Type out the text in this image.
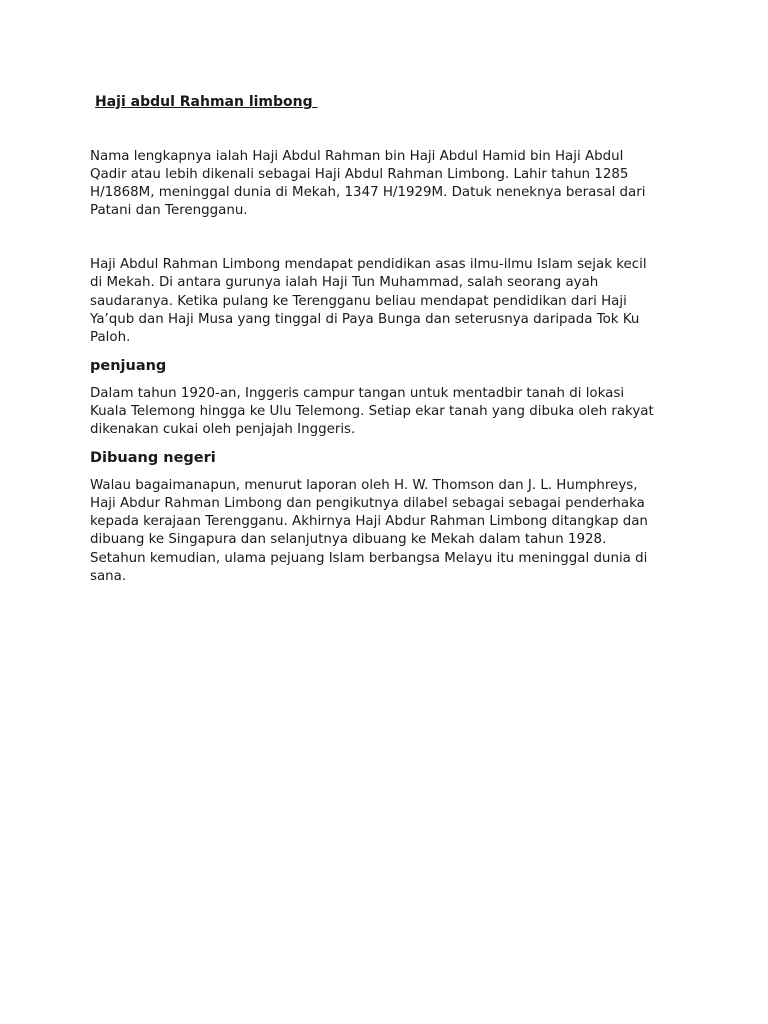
Haji abdul Rahman limbong

Nama lengkapnya ialah Haji Abdul Rahman bin Haji Abdul Hamid bin Haji Abdul
Qadir atau lebih dikenali sebagai Haji Abdul Rahman Limbong. Lahir tahun 1285
H/1868M, meninggal dunia di Mekah, 1347 H/1929M. Datuk neneknya berasal dari
Patani dan Terengganu.

Haji Abdul Rahman Limbong mendapat pendidikan asas ilmu-ilmu Islam sejak kecil
di Mekah. Di antara gurunya ialah Haji Tun Muhammad, salah seorang ayah
saudaranya. Ketika pulang ke Terengganu beliau mendapat pendidikan dari Haji
Ya’qub dan Haji Musa yang tinggal di Paya Bunga dan seterusnya daripada Tok Ku
Paloh.

penjuang

Dalam tahun 1920-an, Inggeris campur tangan untuk mentadbir tanah di lokasi
Kuala Telemong hingga ke Ulu Telemong. Setiap ekar tanah yang dibuka oleh rakyat
dikenakan cukai oleh penjajah Inggeris.

Dibuang negeri

Walau bagaimanapun, menurut laporan oleh H. W. Thomson dan J. L. Humphreys,
Haji Abdur Rahman Limbong dan pengikutnya dilabel sebagai sebagai penderhaka
kepada kerajaan Terengganu. Akhirnya Haji Abdur Rahman Limbong ditangkap dan
dibuang ke Singapura dan selanjutnya dibuang ke Mekah dalam tahun 1928.
Setahun kemudian, ulama pejuang Islam berbangsa Melayu itu meninggal dunia di
sana.
